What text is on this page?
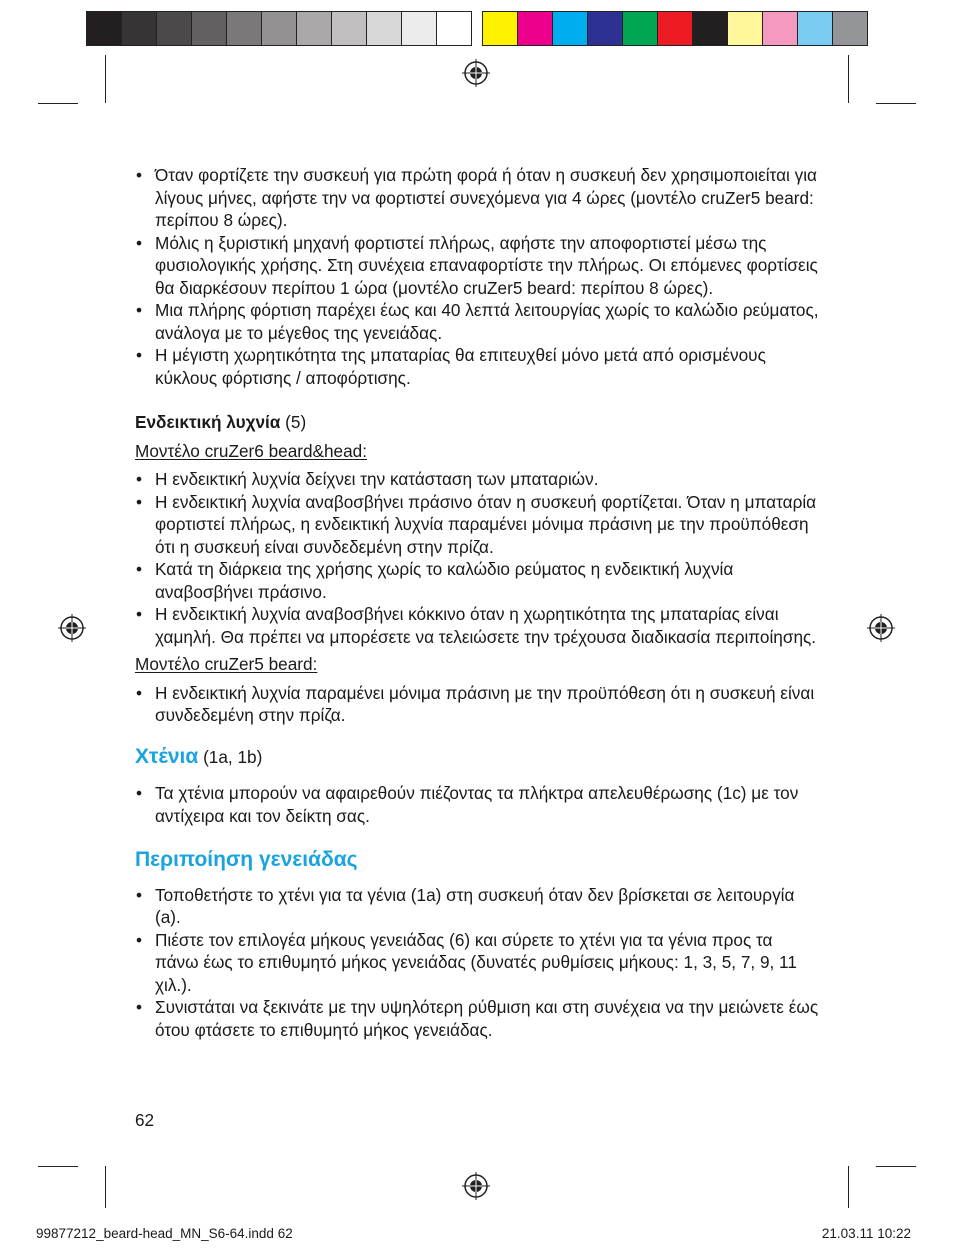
• Όταν φορτίζετε την συσκευή για πρώτη φορά ή όταν η συσκευή δεν χρησιμοποιείται για λίγους μήνες, αφήστε την να φορτιστεί συνεχόμενα για 4 ώρες (μοντέλο cruZer5 beard: περίπου 8 ώρες).
• Μόλις η ξυριστική μηχανή φορτιστεί πλήρως, αφήστε την αποφορτιστεί μέσω της φυσιολογικής χρήσης. Στη συνέχεια επαναφορτίστε την πλήρως. Οι επόμενες φορτίσεις θα διαρκέσουν περίπου 1 ώρα (μοντέλο cruZer5 beard: περίπου 8 ώρες).
• Μια πλήρης φόρτιση παρέχει έως και 40 λεπτά λειτουργίας χωρίς το καλώδιο ρεύματος, ανάλογα με το μέγεθος της γενειάδας.
• Η μέγιστη χωρητικότητα της μπαταρίας θα επιτευχθεί μόνο μετά από ορισμένους κύκλους φόρτισης / αποφόρτισης.
Ενδεικτική λυχνία (5)
Μοντέλο cruZer6 beard&head:
• Η ενδεικτική λυχνία δείχνει την κατάσταση των μπαταριών.
• Η ενδεικτική λυχνία αναβοσβήνει πράσινο όταν η συσκευή φορτίζεται. Όταν η μπαταρία φορτιστεί πλήρως, η ενδεικτική λυχνία παραμένει μόνιμα πράσινη με την προϋπόθεση ότι η συσκευή είναι συνδεδεμένη στην πρίζα.
• Κατά τη διάρκεια της χρήσης χωρίς το καλώδιο ρεύματος η ενδεικτική λυχνία αναβοσβήνει πράσινο.
• Η ενδεικτική λυχνία αναβοσβήνει κόκκινο όταν η χωρητικότητα της μπαταρίας είναι χαμηλή. Θα πρέπει να μπορέσετε να τελειώσετε την τρέχουσα διαδικασία περιποίησης.
Μοντέλο cruZer5 beard:
• Η ενδεικτική λυχνία παραμένει μόνιμα πράσινη με την προϋπόθεση ότι η συσκευή είναι συνδεδεμένη στην πρίζα.
Χτένια (1a, 1b)
• Τα χτένια μπορούν να αφαιρεθούν πιέζοντας τα πλήκτρα απελευθέρωσης (1c) με τον αντίχειρα και τον δείκτη σας.
Περιποίηση γενειάδας
• Τοποθετήστε το χτένι για τα γένια (1a) στη συσκευή όταν δεν βρίσκεται σε λειτουργία (a).
• Πιέστε τον επιλογέα μήκους γενειάδας (6) και σύρετε το χτένι για τα γένια προς τα πάνω έως το επιθυμητό μήκος γενειάδας (δυνατές ρυθμίσεις μήκους: 1, 3, 5, 7, 9, 11 χιλ.).
• Συνιστάται να ξεκινάτε με την υψηλότερη ρύθμιση και στη συνέχεια να την μειώνετε έως ότου φτάσετε το επιθυμητό μήκος γενειάδας.
62
99877212_beard-head_MN_S6-64.indd 62	21.03.11 10:22
